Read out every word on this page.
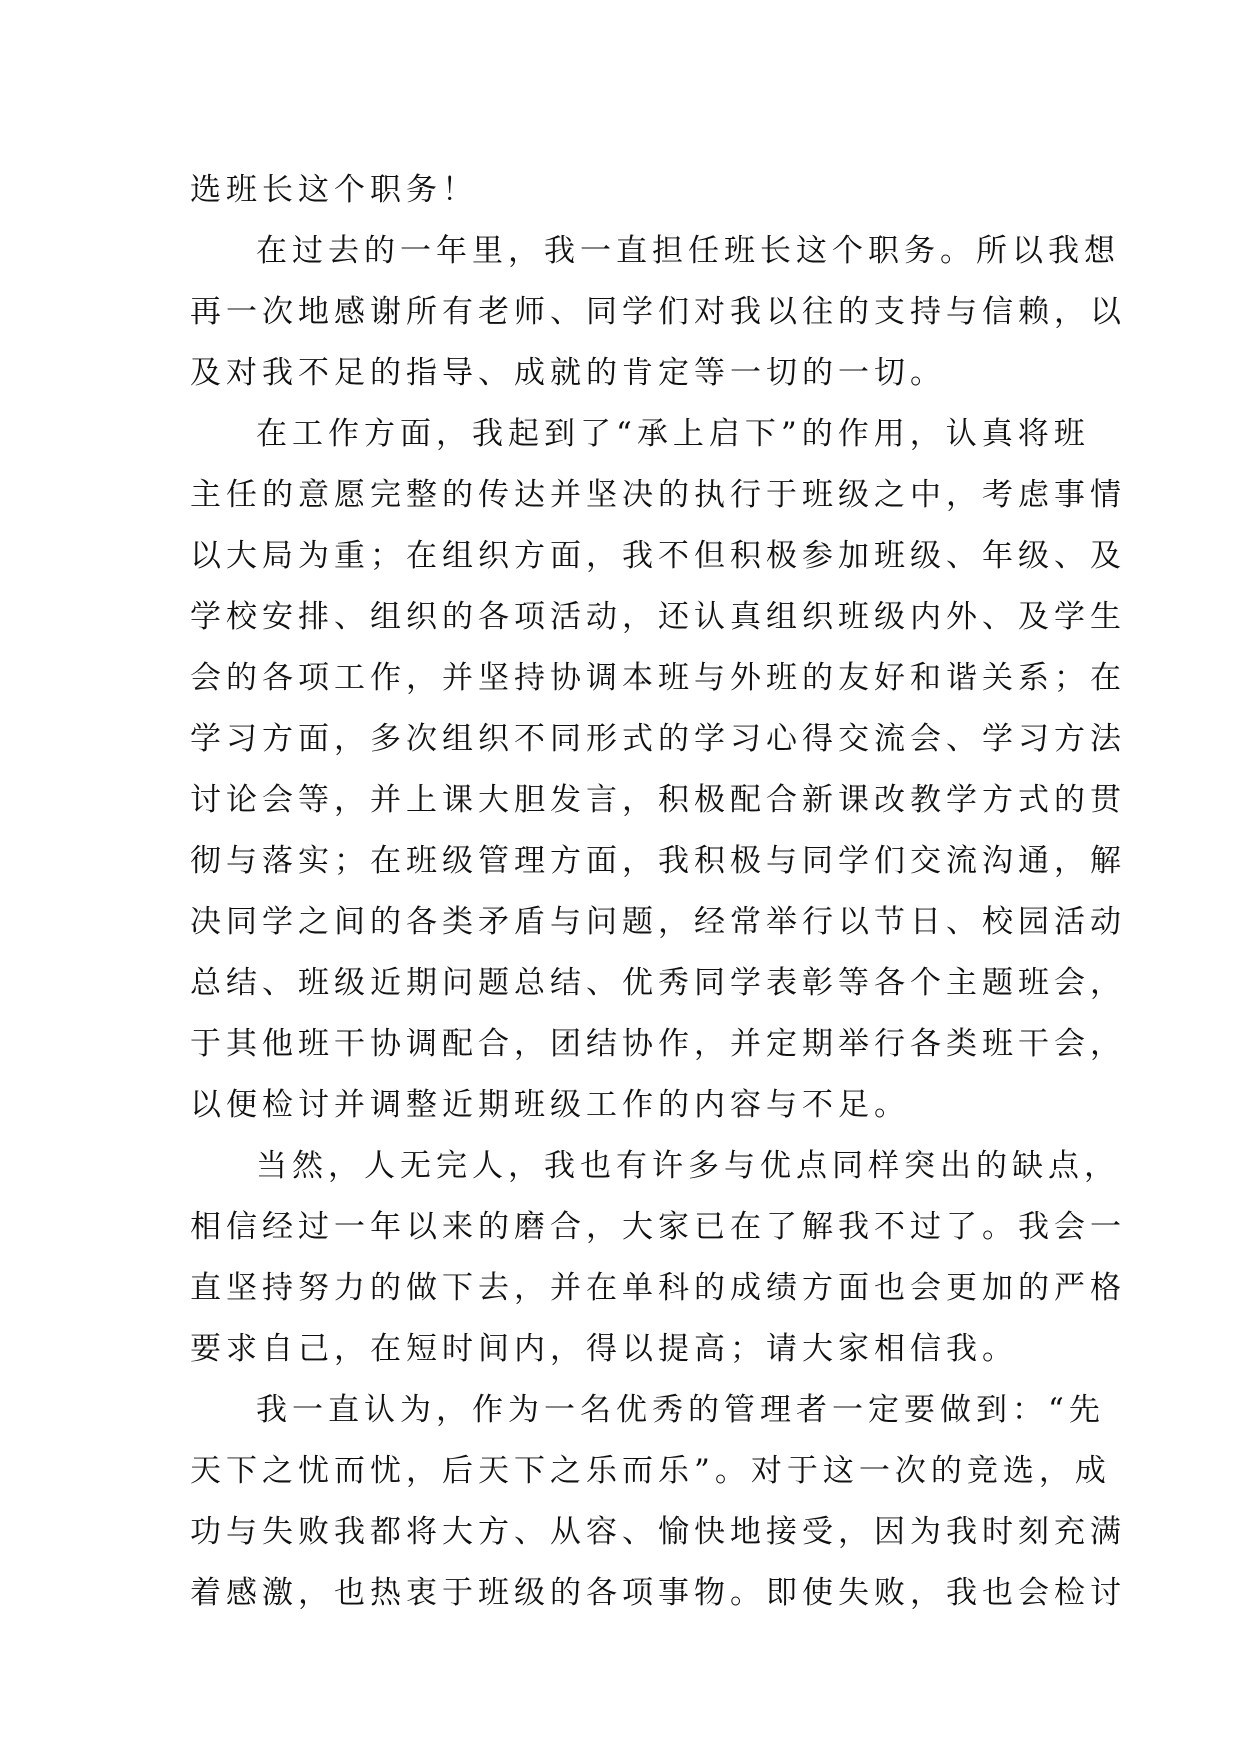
选班长这个职务！
在过去的一年里，我一直担任班长这个职务。所以我想
再一次地感谢所有老师、同学们对我以往的支持与信赖，以
及对我不足的指导、成就的肯定等一切的一切。
在工作方面，我起到了“承上启下”的作用，认真将班
主任的意愿完整的传达并坚决的执行于班级之中，考虑事情
以大局为重；在组织方面，我不但积极参加班级、年级、及
学校安排、组织的各项活动，还认真组织班级内外、及学生
会的各项工作，并坚持协调本班与外班的友好和谐关系；在
学习方面，多次组织不同形式的学习心得交流会、学习方法
讨论会等，并上课大胆发言，积极配合新课改教学方式的贯
彻与落实；在班级管理方面，我积极与同学们交流沟通，解
决同学之间的各类矛盾与问题，经常举行以节日、校园活动
总结、班级近期问题总结、优秀同学表彰等各个主题班会，
于其他班干协调配合，团结协作，并定期举行各类班干会，
以便检讨并调整近期班级工作的内容与不足。
当然，人无完人，我也有许多与优点同样突出的缺点，
相信经过一年以来的磨合，大家已在了解我不过了。我会一
直坚持努力的做下去，并在单科的成绩方面也会更加的严格
要求自己，在短时间内，得以提高；请大家相信我。
我一直认为，作为一名优秀的管理者一定要做到：“先
天下之忧而忧，后天下之乐而乐”。对于这一次的竞选，成
功与失败我都将大方、从容、愉快地接受，因为我时刻充满
着感激，也热衷于班级的各项事物。即使失败，我也会检讨
